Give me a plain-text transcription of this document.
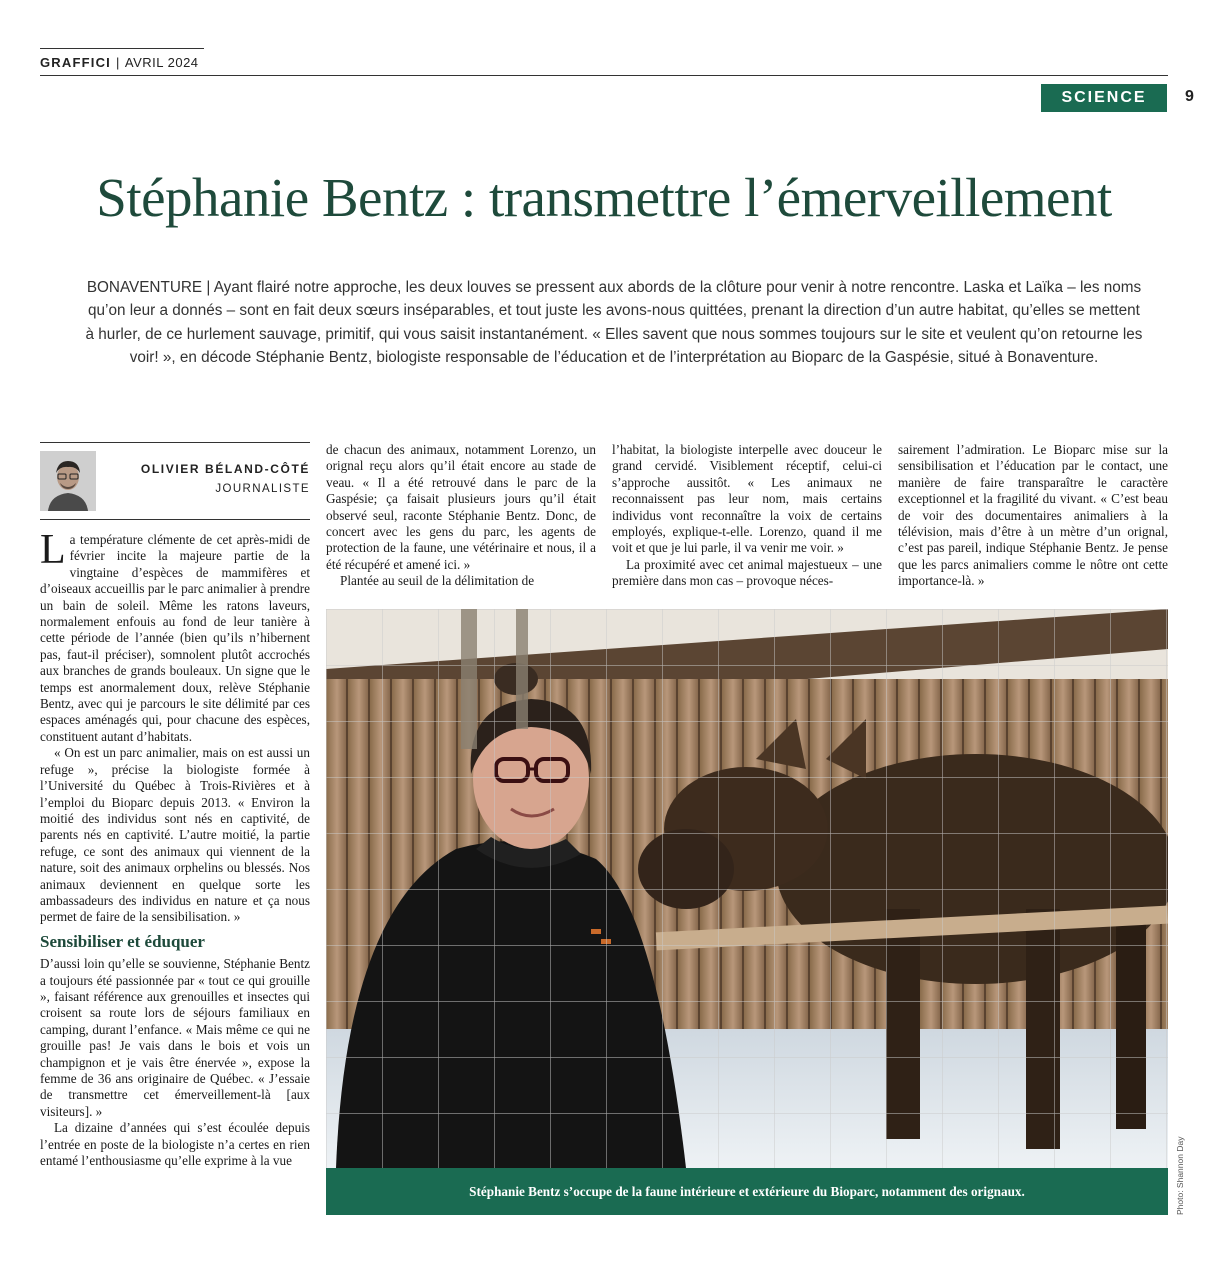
GRAFFICI | AVRIL 2024
SCIENCE	9
Stéphanie Bentz : transmettre l’émerveillement

BONAVENTURE | Ayant flairé notre approche, les deux louves se pressent aux abords de la clôture pour venir à notre rencontre. Laska et Laïka – les noms qu’on leur a donnés – sont en fait deux sœurs inséparables, et tout juste les avons-nous quittées, prenant la direction d’un autre habitat, qu’elles se mettent à hurler, de ce hurlement sauvage, primitif, qui vous saisit instantanément. « Elles savent que nous sommes toujours sur le site et veulent qu’on retourne les voir! », en décode Stéphanie Bentz, biologiste responsable de l’éducation et de l’interprétation au Bioparc de la Gaspésie, situé à Bonaventure.

OLIVIER BÉLAND-CÔTÉ
JOURNALISTE

La température clémente de cet après-midi de février incite la majeure partie de la vingtaine d’espèces de mammifères et d’oiseaux accueillis par le parc animalier à prendre un bain de soleil. Même les ratons laveurs, normalement enfouis au fond de leur tanière à cette période de l’année (bien qu’ils n’hibernent pas, faut-il préciser), somnolent plutôt accrochés aux branches de grands bouleaux. Un signe que le temps est anormalement doux, relève Stéphanie Bentz, avec qui je parcours le site délimité par ces espaces aménagés qui, pour chacune des espèces, constituent autant d’habitats.

« On est un parc animalier, mais on est aussi un refuge », précise la biologiste formée à l’Université du Québec à Trois-Rivières et à l’emploi du Bioparc depuis 2013. « Environ la moitié des individus sont nés en captivité, de parents nés en captivité. L’autre moitié, la partie refuge, ce sont des animaux qui viennent de la nature, soit des animaux orphelins ou blessés. Nos animaux deviennent en quelque sorte les ambassadeurs des individus en nature et ça nous permet de faire de la sensibilisation. »

Sensibiliser et éduquer

D’aussi loin qu’elle se souvienne, Stéphanie Bentz a toujours été passionnée par « tout ce qui grouille », faisant référence aux grenouilles et insectes qui croisent sa route lors de séjours familiaux en camping, durant l’enfance. « Mais même ce qui ne grouille pas! Je vais dans le bois et vois un champignon et je vais être énervée », expose la femme de 36 ans originaire de Québec. « J’essaie de transmettre cet émerveillement-là [aux visiteurs]. »

La dizaine d’années qui s’est écoulée depuis l’entrée en poste de la biologiste n’a certes en rien entamé l’enthousiasme qu’elle exprime à la vue

de chacun des animaux, notamment Lorenzo, un orignal reçu alors qu’il était encore au stade de veau. « Il a été retrouvé dans le parc de la Gaspésie; ça faisait plusieurs jours qu’il était observé seul, raconte Stéphanie Bentz. Donc, de concert avec les gens du parc, les agents de protection de la faune, une vétérinaire et nous, il a été récupéré et amené ici. »

Plantée au seuil de la délimitation de

l’habitat, la biologiste interpelle avec douceur le grand cervidé. Visiblement réceptif, celui-ci s’approche aussitôt. « Les animaux ne reconnaissent pas leur nom, mais certains individus vont reconnaître la voix de certains employés, explique-t-elle. Lorenzo, quand il me voit et que je lui parle, il va venir me voir. »

La proximité avec cet animal majestueux – une première dans mon cas – provoque néces-

sairement l’admiration. Le Bioparc mise sur la sensibilisation et l’éducation par le contact, une manière de faire transparaître le caractère exceptionnel et la fragilité du vivant. « C’est beau de voir des documentaires animaliers à la télévision, mais d’être à un mètre d’un orignal, c’est pas pareil, indique Stéphanie Bentz. Je pense que les parcs animaliers comme le nôtre ont cette importance-là. »

Stéphanie Bentz s’occupe de la faune intérieure et extérieure du Bioparc, notamment des orignaux.	Photo: Shannon Day
